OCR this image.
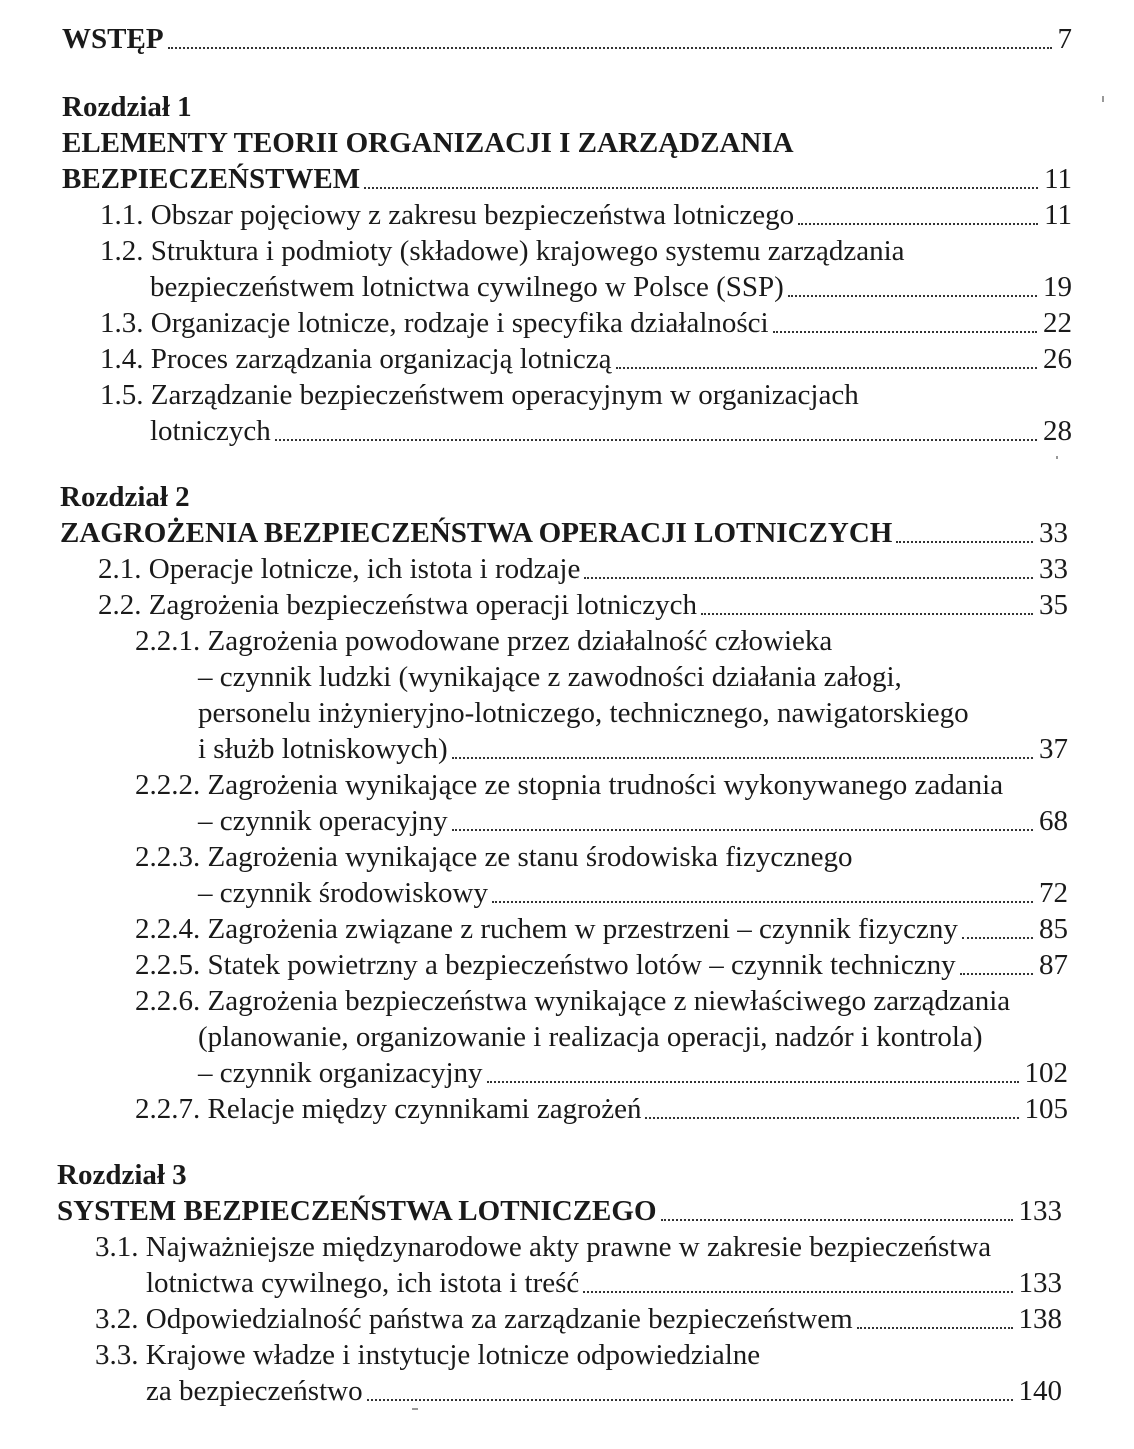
WSTĘP	7
Rozdział 1
ELEMENTY TEORII ORGANIZACJI I ZARZĄDZANIA
BEZPIECZEŃSTWEM	11
1.1.
Obszar pojęciowy z zakresu bezpieczeństwa lotniczego	11
1.2. Struktura i podmioty (składowe) krajowego systemu zarządzania
bezpieczeństwem lotnictwa cywilnego w Polsce (SSP)	19
1.3.
Organizacje lotnicze, rodzaje i specyfika działalności	22
1.4.
Proces zarządzania organizacją lotniczą	26
1.5. Zarządzanie bezpieczeństwem operacyjnym w organizacjach
lotniczych	28
Rozdział 2
ZAGROŻENIA BEZPIECZEŃSTWA OPERACJI LOTNICZYCH	33
2.1.
Operacje lotnicze, ich istota i rodzaje	33
2.2.
Zagrożenia bezpieczeństwa operacji lotniczych	35
2.2.1. Zagrożenia powodowane przez działalność człowieka
– czynnik ludzki (wynikające z zawodności działania załogi,
personelu inżynieryjno-lotniczego, technicznego, nawigatorskiego
i służb lotniskowych)	37
2.2.2. Zagrożenia wynikające ze stopnia trudności wykonywanego zadania
– czynnik operacyjny	68
2.2.3. Zagrożenia wynikające ze stanu środowiska fizycznego
– czynnik środowiskowy	72
2.2.4.
Zagrożenia związane z ruchem w przestrzeni – czynnik fizyczny	85
2.2.5.
Statek powietrzny a bezpieczeństwo lotów – czynnik techniczny	87
2.2.6. Zagrożenia bezpieczeństwa wynikające z niewłaściwego zarządzania
(planowanie, organizowanie i realizacja operacji, nadzór i kontrola)
– czynnik organizacyjny	102
2.2.7.
Relacje między czynnikami zagrożeń	105
Rozdział 3
SYSTEM BEZPIECZEŃSTWA LOTNICZEGO	133
3.1. Najważniejsze międzynarodowe akty prawne w zakresie bezpieczeństwa
lotnictwa cywilnego, ich istota i treść	133
3.2.
Odpowiedzialność państwa za zarządzanie bezpieczeństwem	138
3.3. Krajowe władze i instytucje lotnicze odpowiedzialne
za bezpieczeństwo	140
